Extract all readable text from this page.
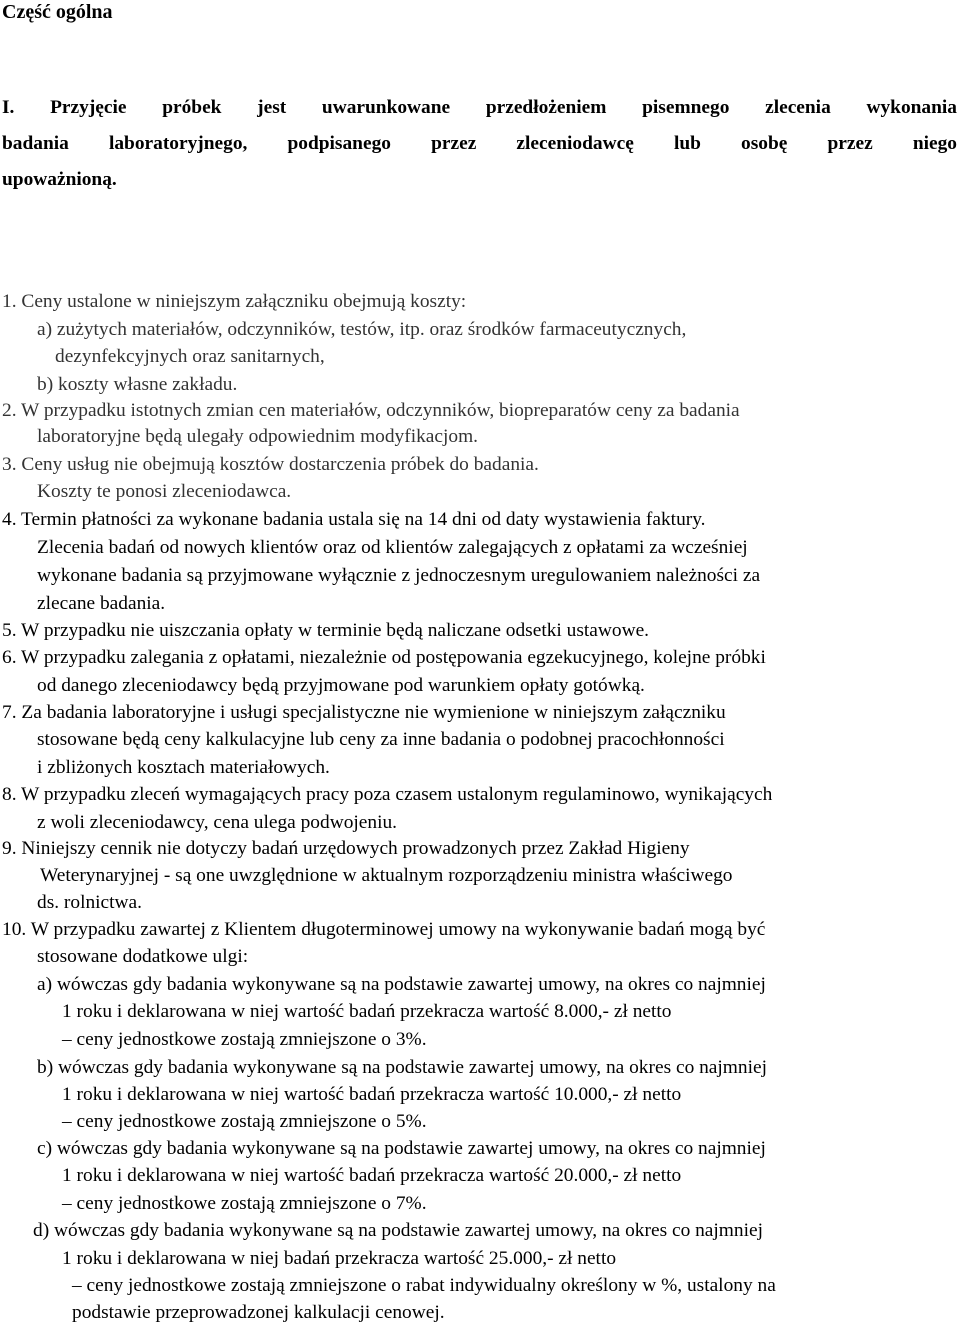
Część ogólna
I. Przyjęcie próbek jest uwarunkowane przedłożeniem pisemnego zlecenia wykonania
badania laboratoryjnego, podpisanego przez zleceniodawcę lub osobę przez niego
upoważnioną.
1. Ceny ustalone w niniejszym załączniku obejmują koszty:
a) zużytych materiałów, odczynników, testów, itp. oraz środków farmaceutycznych,
dezynfekcyjnych oraz sanitarnych,
b) koszty własne zakładu.
2. W przypadku istotnych zmian cen materiałów, odczynników, biopreparatów ceny za badania
laboratoryjne będą ulegały odpowiednim modyfikacjom.
3. Ceny usług nie obejmują kosztów dostarczenia próbek do badania.
Koszty te ponosi zleceniodawca.
4. Termin płatności za wykonane badania ustala się na 14 dni od daty wystawienia faktury.
Zlecenia badań od nowych klientów oraz od klientów zalegających z opłatami za wcześniej
wykonane badania są przyjmowane wyłącznie z jednoczesnym uregulowaniem należności za
zlecane badania.
5. W przypadku nie uiszczania opłaty w terminie będą naliczane odsetki ustawowe.
6. W przypadku zalegania z opłatami, niezależnie od postępowania egzekucyjnego, kolejne próbki
od danego zleceniodawcy będą przyjmowane pod warunkiem opłaty gotówką.
7. Za badania laboratoryjne i usługi specjalistyczne nie wymienione w niniejszym załączniku
stosowane będą ceny kalkulacyjne lub ceny za inne badania o podobnej pracochłonności
i zbliżonych kosztach materiałowych.
8. W przypadku zleceń wymagających pracy poza czasem ustalonym regulaminowo, wynikających
z woli zleceniodawcy, cena ulega podwojeniu.
9. Niniejszy cennik nie dotyczy badań urzędowych prowadzonych przez Zakład Higieny
Weterynaryjnej - są one uwzględnione w aktualnym rozporządzeniu ministra właściwego
ds. rolnictwa.
10. W przypadku zawartej z Klientem długoterminowej umowy na wykonywanie badań mogą być
stosowane dodatkowe ulgi:
a) wówczas gdy badania wykonywane są na podstawie zawartej umowy, na okres co najmniej
1 roku i deklarowana w niej wartość badań przekracza wartość 8.000,- zł netto
– ceny jednostkowe zostają zmniejszone o 3%.
b) wówczas gdy badania wykonywane są na podstawie zawartej umowy, na okres co najmniej
1 roku i deklarowana w niej wartość badań przekracza wartość 10.000,- zł netto
– ceny jednostkowe zostają zmniejszone o 5%.
c) wówczas gdy badania wykonywane są na podstawie zawartej umowy, na okres co najmniej
1 roku i deklarowana w niej wartość badań przekracza wartość 20.000,- zł netto
– ceny jednostkowe zostają zmniejszone o 7%.
d) wówczas gdy badania wykonywane są na podstawie zawartej umowy, na okres co najmniej
1 roku i deklarowana w niej badań przekracza wartość 25.000,- zł netto
– ceny jednostkowe zostają zmniejszone o rabat indywidualny określony w %, ustalony na
podstawie przeprowadzonej kalkulacji cenowej.
